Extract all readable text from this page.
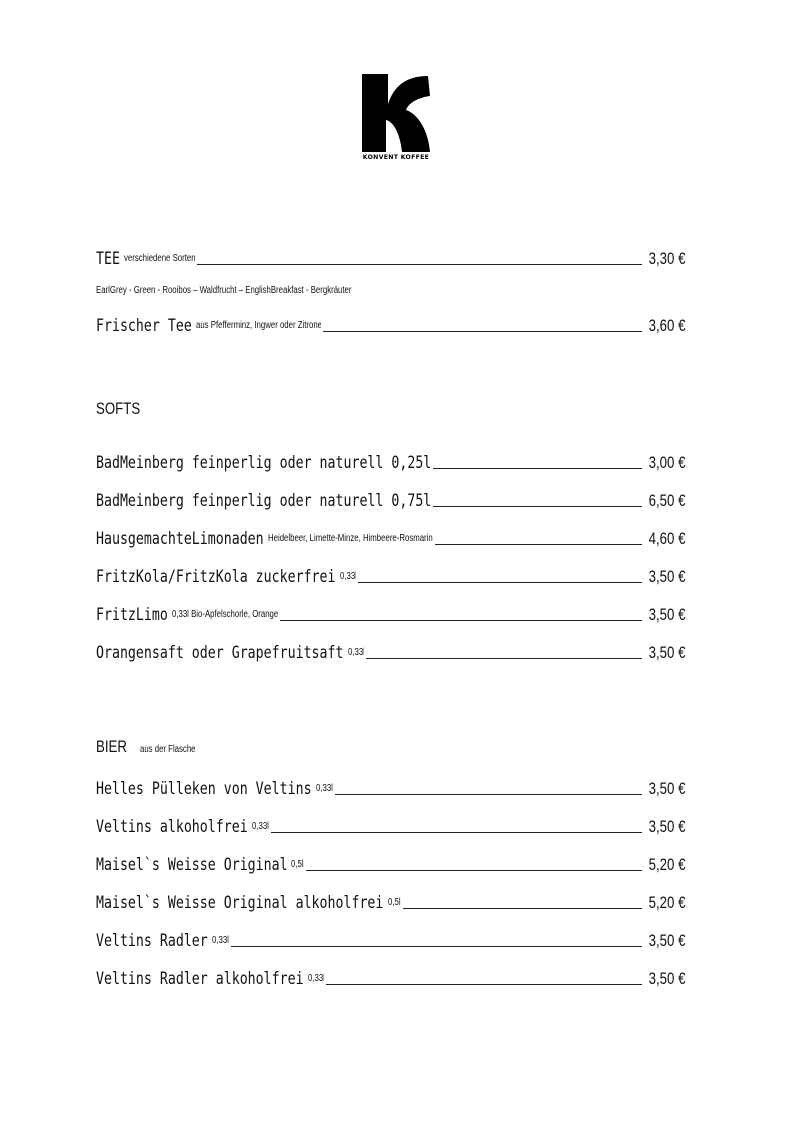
KONVENT KOFFEE
TEE verschiedene Sorten	3,30 €
EarlGrey - Green - Rooibos – Waldfrucht – EnglishBreakfast - Bergkräuter
Frischer Tee aus Pfefferminz, Ingwer oder Zitrone	3,60 €
SOFTS
BadMeinberg feinperlig oder naturell 0,25l	3,00 €
BadMeinberg feinperlig oder naturell 0,75l	6,50 €
HausgemachteLimonaden Heidelbeer, Limette-Minze, Himbeere-Rosmarin	4,60 €
FritzKola/FritzKola zuckerfrei 0,33l	3,50 €
FritzLimo 0,33l Bio-Apfelschorle, Orange	3,50 €
Orangensaft oder Grapefruitsaft 0,33l	3,50 €
BIER aus der Flasche
Helles Pülleken von Veltins 0,33l	3,50 €
Veltins alkoholfrei 0,33l	3,50 €
Maisel`s Weisse Original 0,5l	5,20 €
Maisel`s Weisse Original alkoholfrei 0,5l	5,20 €
Veltins Radler 0,33l	3,50 €
Veltins Radler alkoholfrei 0,33l	3,50 €
